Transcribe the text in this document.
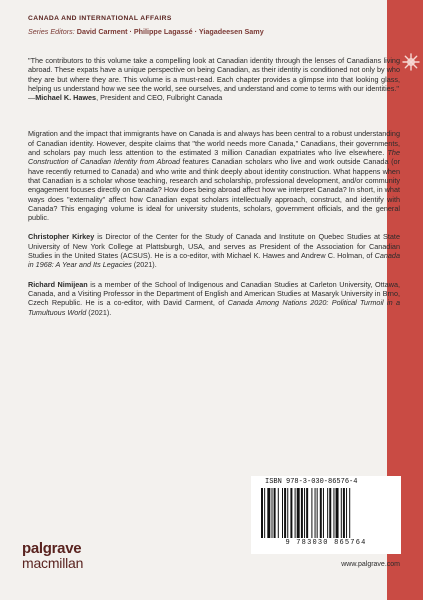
CANADA AND INTERNATIONAL AFFAIRS
Series Editors: David Carment · Philippe Lagassé · Yiagadeesen Samy

"The contributors to this volume take a compelling look at Canadian identity through the lenses of Canadians living abroad. These expats have a unique perspective on being Canadian, as their identity is conditioned not only by who they are but where they are. This volume is a must-read. Each chapter provides a glimpse into that looking glass, helping us understand how we see the world, see ourselves, and understand and come to terms with our identities."
—Michael K. Hawes, President and CEO, Fulbright Canada

Migration and the impact that immigrants have on Canada is and always has been central to a robust understanding of Canadian identity. However, despite claims that "the world needs more Canada," Canadians, their governments, and scholars pay much less attention to the estimated 3 million Canadian expatriates who live elsewhere. The Construction of Canadian Identity from Abroad features Canadian scholars who live and work outside Canada (or have recently returned to Canada) and who write and think deeply about identity construction. What happens when that Canadian is a scholar whose teaching, research and scholarship, professional development, and/or community engagement focuses directly on Canada? How does being abroad affect how we interpret Canada? In short, in what ways does "externality" affect how Canadian expat scholars intellectually approach, construct, and identify with Canada? This engaging volume is ideal for university students, scholars, government officials, and the general public.

Christopher Kirkey is Director of the Center for the Study of Canada and Institute on Quebec Studies at State University of New York College at Plattsburgh, USA, and serves as President of the Association for Canadian Studies in the United States (ACSUS). He is a co-editor, with Michael K. Hawes and Andrew C. Holman, of Canada in 1968: A Year and Its Legacies (2021).

Richard Nimijean is a member of the School of Indigenous and Canadian Studies at Carleton University, Ottawa, Canada, and a Visiting Professor in the Department of English and American Studies at Masaryk University in Brno, Czech Republic. He is a co-editor, with David Carment, of Canada Among Nations 2020: Political Turmoil in a Tumultuous World (2021).

ISBN 978-3-030-86576-4
9 783030 865764
www.palgrave.com
palgrave
macmillan
